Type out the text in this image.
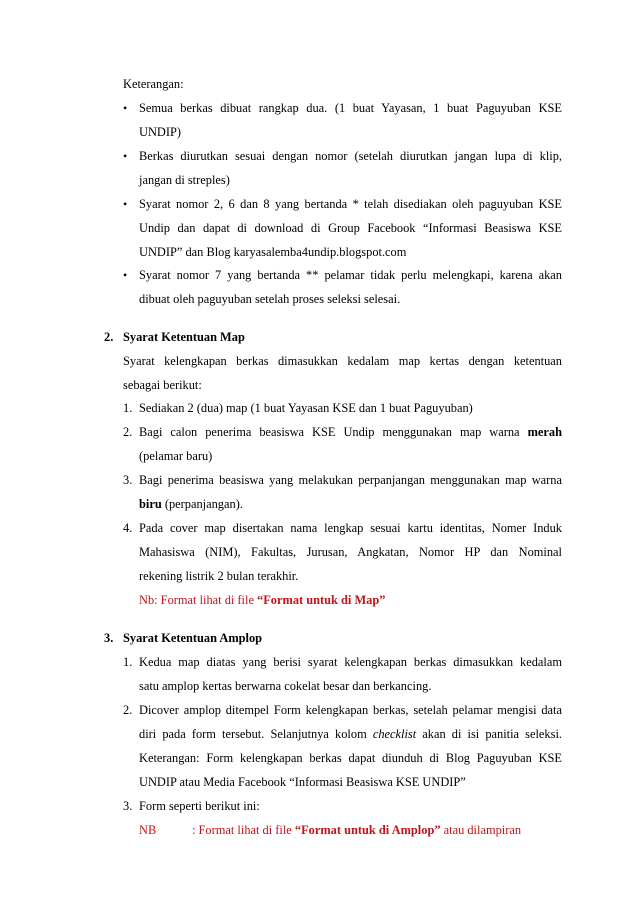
Keterangan:
• Semua berkas dibuat rangkap dua. (1 buat Yayasan, 1 buat Paguyuban KSE
UNDIP)
• Berkas diurutkan sesuai dengan nomor (setelah diurutkan jangan lupa di klip,
jangan di streples)
• Syarat nomor 2, 6 dan 8 yang bertanda * telah disediakan oleh paguyuban KSE
Undip dan dapat di download di Group Facebook “Informasi Beasiswa KSE
UNDIP” dan Blog karyasalemba4undip.blogspot.com
• Syarat nomor 7 yang bertanda ** pelamar tidak perlu melengkapi, karena akan
dibuat oleh paguyuban setelah proses seleksi selesai.
2. Syarat Ketentuan Map
Syarat kelengkapan berkas dimasukkan kedalam map kertas dengan ketentuan
sebagai berikut:
1. Sediakan 2 (dua) map (1 buat Yayasan KSE dan 1 buat Paguyuban)
2. Bagi calon penerima beasiswa KSE Undip menggunakan map warna merah
(pelamar baru)
3. Bagi penerima beasiswa yang melakukan perpanjangan menggunakan map warna
biru (perpanjangan).
4. Pada cover map disertakan nama lengkap sesuai kartu identitas, Nomer Induk
Mahasiswa (NIM), Fakultas, Jurusan, Angkatan, Nomor HP dan Nominal
rekening listrik 2 bulan terakhir.
Nb: Format lihat di file “Format untuk di Map”
3. Syarat Ketentuan Amplop
1. Kedua map diatas yang berisi syarat kelengkapan berkas dimasukkan kedalam
satu amplop kertas berwarna cokelat besar dan berkancing.
2. Dicover amplop ditempel Form kelengkapan berkas, setelah pelamar mengisi data
diri pada form tersebut. Selanjutnya kolom checklist akan di isi panitia seleksi.
Keterangan: Form kelengkapan berkas dapat diunduh di Blog Paguyuban KSE
UNDIP atau Media Facebook “Informasi Beasiswa KSE UNDIP”
3. Form seperti berikut ini:
NB	: Format lihat di file “Format untuk di Amplop” atau dilampiran
